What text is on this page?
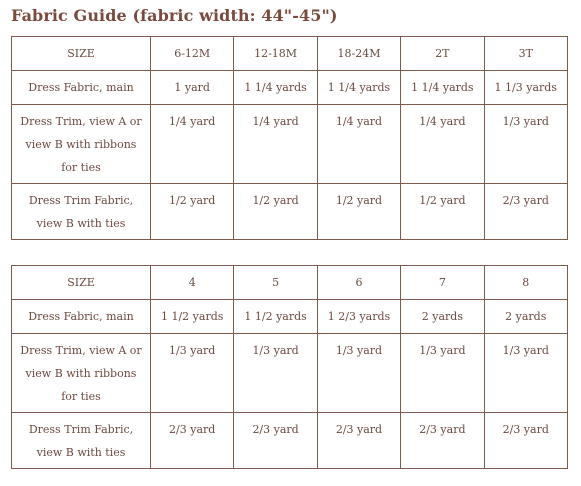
Fabric Guide (fabric width: 44"-45")
SIZE	6-12M	12-18M	18-24M	2T	3T
Dress Fabric, main	1 yard	1 1/4 yards	1 1/4 yards	1 1/4 yards	1 1/3 yards
Dress Trim, view A or view B with ribbons for ties	1/4 yard	1/4 yard	1/4 yard	1/4 yard	1/3 yard
Dress Trim Fabric, view B with ties	1/2 yard	1/2 yard	1/2 yard	1/2 yard	2/3 yard
SIZE	4	5	6	7	8
Dress Fabric, main	1 1/2 yards	1 1/2 yards	1 2/3 yards	2 yards	2 yards
Dress Trim, view A or view B with ribbons for ties	1/3 yard	1/3 yard	1/3 yard	1/3 yard	1/3 yard
Dress Trim Fabric, view B with ties	2/3 yard	2/3 yard	2/3 yard	2/3 yard	2/3 yard
